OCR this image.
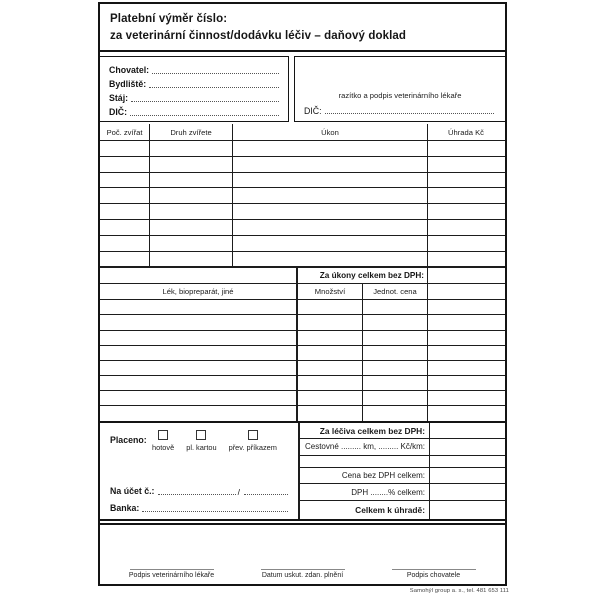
Platební výměr číslo:
za veterinární činnost/dodávku léčiv – daňový doklad
Chovatel:
Bydliště:
Stáj:
DIČ:
razítko a podpis veterinárního lékaře
DIČ:
Poč. zvířat	Druh zvířete	Úkon	Úhrada Kč
Za úkony celkem bez DPH:
Lék, biopreparát, jiné	Množství	Jednot. cena
Placeno:
hotově pl. kartou přev. příkazem
Na účet č.:	/
Banka:
Za léčiva celkem bez DPH:
Cestovné ......... km, ......... Kč/km:
Cena bez DPH celkem:
DPH ........% celkem:
Celkem k úhradě:
Podpis veterinárního lékaře	Datum uskut. zdan. plnění	Podpis chovatele
Samohýl group a. s., tel. 481 653 111
